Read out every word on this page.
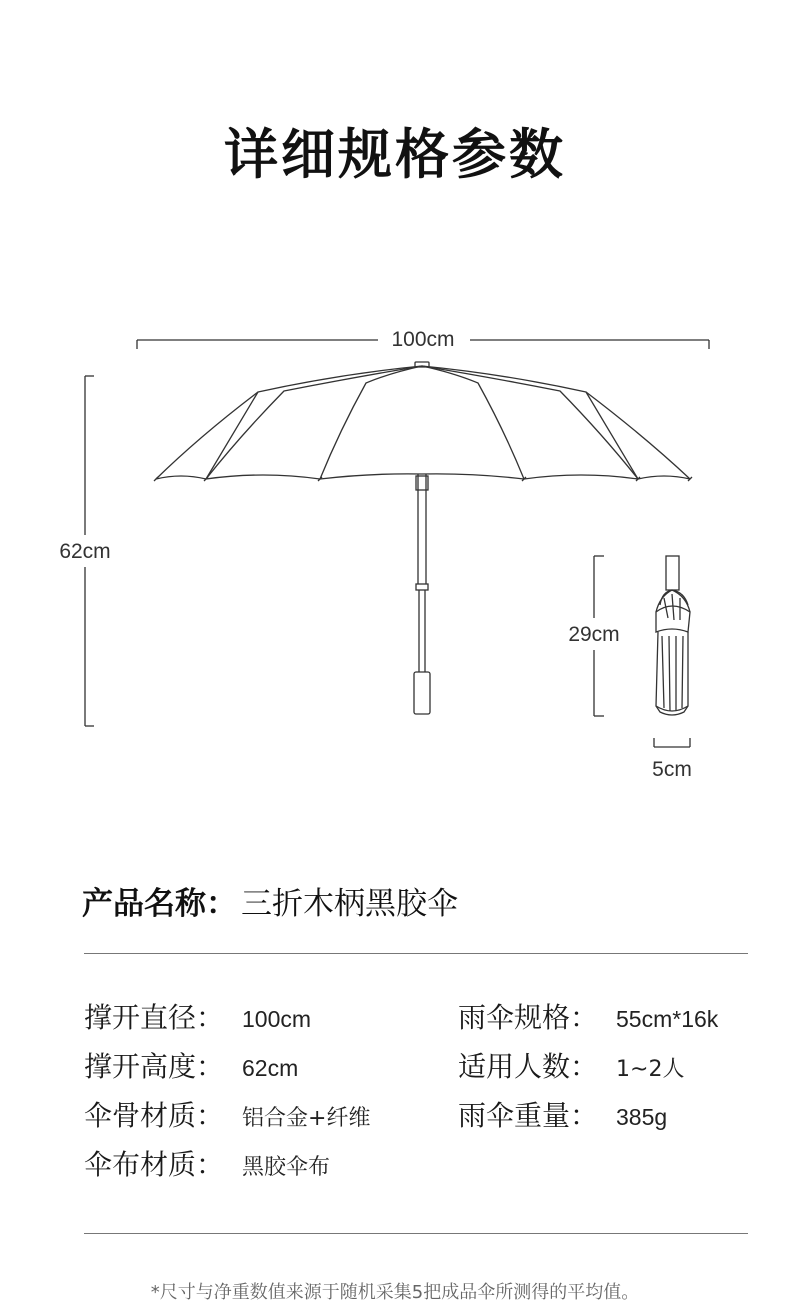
详细规格参数
100cm
62cm
29cm
5cm
产品名称： 三折木柄黑胶伞
撑开直径： 100cm
撑开高度： 62cm
伞骨材质： 铝合金+纤维
伞布材质： 黑胶伞布
雨伞规格： 55cm*16k
适用人数： 1~2人
雨伞重量： 385g
*尺寸与净重数值来源于随机采集5把成品伞所测得的平均值。
